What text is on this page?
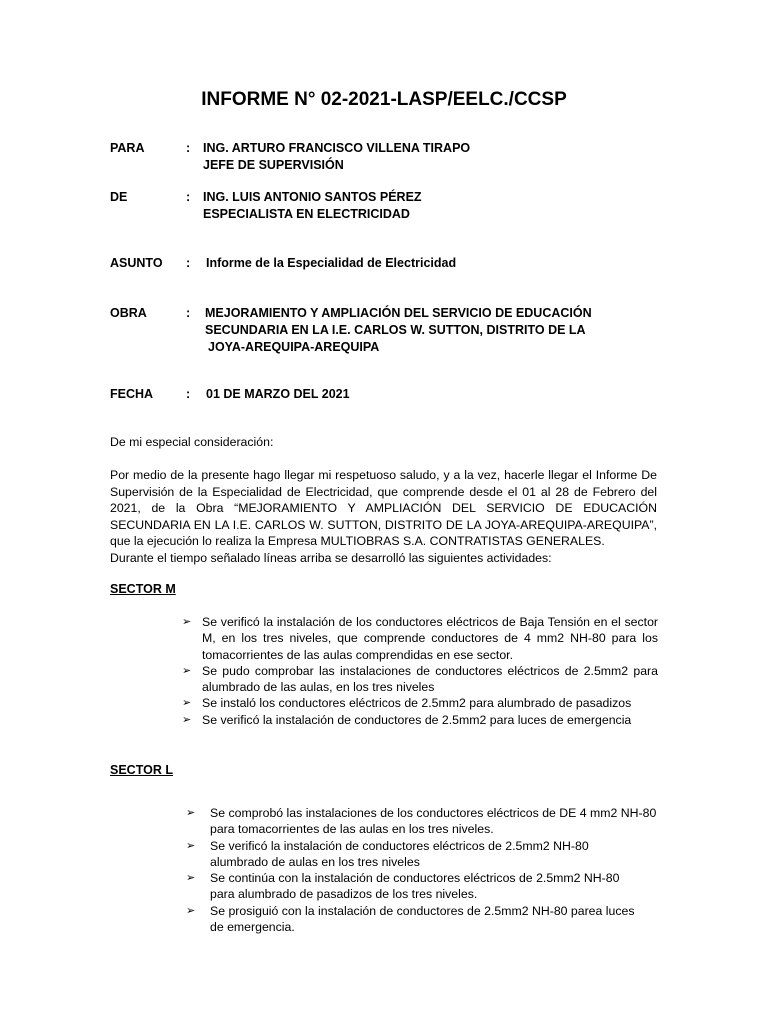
INFORME N° 02-2021-LASP/EELC./CCSP
PARA	: ING. ARTURO FRANCISCO VILLENA TIRAPO
JEFE DE SUPERVISIÓN
DE	: ING. LUIS ANTONIO SANTOS PÉREZ
ESPECIALISTA EN ELECTRICIDAD
ASUNTO : Informe de la Especialidad de Electricidad
OBRA	: MEJORAMIENTO Y AMPLIACIÓN DEL SERVICIO DE EDUCACIÓN
SECUNDARIA EN LA I.E. CARLOS W. SUTTON, DISTRITO DE LA
JOYA-AREQUIPA-AREQUIPA
FECHA	: 01 DE MARZO DEL 2021

De mi especial consideración:

Por medio de la presente hago llegar mi respetuoso saludo, y a la vez, hacerle llegar el Informe De Supervisión de la Especialidad de Electricidad, que comprende desde el 01 al 28 de Febrero del 2021, de la Obra “MEJORAMIENTO Y AMPLIACIÓN DEL SERVICIO DE EDUCACIÓN SECUNDARIA EN LA I.E. CARLOS W. SUTTON, DISTRITO DE LA JOYA-AREQUIPA-AREQUIPA”, que la ejecución lo realiza la Empresa MULTIOBRAS S.A. CONTRATISTAS GENERALES.
Durante el tiempo señalado líneas arriba se desarrolló las siguientes actividades:
SECTOR M
➢ Se verificó la instalación de los conductores eléctricos de Baja Tensión en el sector M, en los tres niveles, que comprende conductores de 4 mm2 NH-80 para los tomacorrientes de las aulas comprendidas en ese sector.
➢ Se pudo comprobar las instalaciones de conductores eléctricos de 2.5mm2 para alumbrado de las aulas, en los tres niveles
➢ Se instaló los conductores eléctricos de 2.5mm2 para alumbrado de pasadizos
➢ Se verificó la instalación de conductores de 2.5mm2 para luces de emergencia
SECTOR L
➢ Se comprobó las instalaciones de los conductores eléctricos de DE 4 mm2 NH-80
para tomacorrientes de las aulas en los tres niveles.
➢ Se verificó la instalación de conductores eléctricos de 2.5mm2 NH-80
alumbrado de aulas en los tres niveles
➢ Se continúa con la instalación de conductores eléctricos de 2.5mm2 NH-80
para alumbrado de pasadizos de los tres niveles.
➢ Se prosiguió con la instalación de conductores de 2.5mm2 NH-80 parea luces
de emergencia.
